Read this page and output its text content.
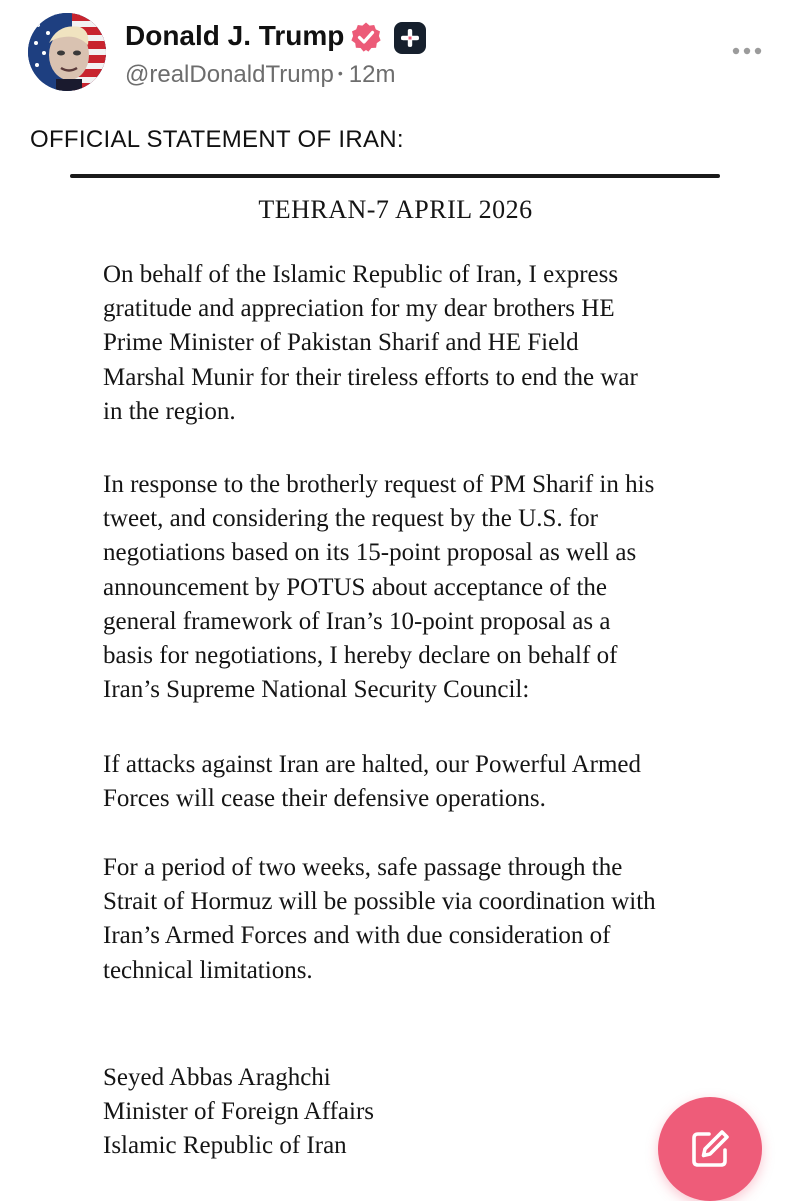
Donald J. Trump
@realDonaldTrump • 12m
OFFICIAL STATEMENT OF IRAN:
TEHRAN-7 APRIL 2026

On behalf of the Islamic Republic of Iran, I express
gratitude and appreciation for my dear brothers HE
Prime Minister of Pakistan Sharif and HE Field
Marshal Munir for their tireless efforts to end the war
in the region.

In response to the brotherly request of PM Sharif in his
tweet, and considering the request by the U.S. for
negotiations based on its 15-point proposal as well as
announcement by POTUS about acceptance of the
general framework of Iran’s 10-point proposal as a
basis for negotiations, I hereby declare on behalf of
Iran’s Supreme National Security Council:

If attacks against Iran are halted, our Powerful Armed
Forces will cease their defensive operations.

For a period of two weeks, safe passage through the
Strait of Hormuz will be possible via coordination with
Iran’s Armed Forces and with due consideration of
technical limitations.

Seyed Abbas Araghchi
Minister of Foreign Affairs
Islamic Republic of Iran
